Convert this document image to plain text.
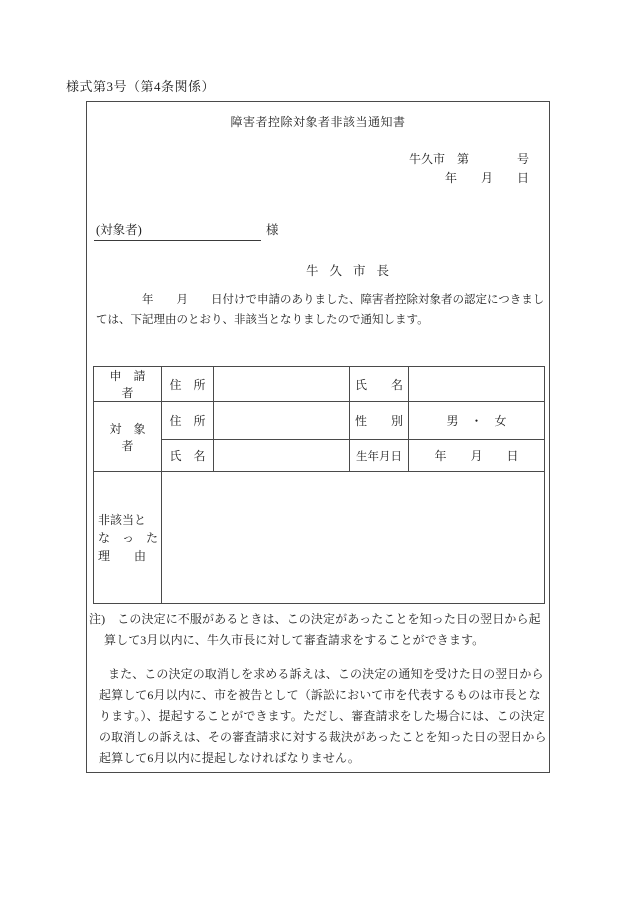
様式第3号（第4条関係）
障害者控除対象者非該当通知書
牛久市　第　　　　号
年　　月　　日
(対象者)	様
牛久市長
　　　　年　　月　　日付けで申請のありました、障害者控除対象者の認定につきましては、下記理由のとおり、非該当となりましたので通知します。
申　請　者	住　所		氏　　名	
対　象　者	住　所		性　　別	男　・　女
	氏　名		生年月日	年　　月　　日

非該当と
な　っ　た
理　　由				

注)　この決定に不服があるときは、この決定があったことを知った日の翌日から起算して3月以内に、牛久市長に対して審査請求をすることができます。

また、この決定の取消しを求める訴えは、この決定の通知を受けた日の翌日から起算して6月以内に、市を被告として（訴訟において市を代表するものは市長となります。）、提起することができます。ただし、審査請求をした場合には、この決定の取消しの訴えは、その審査請求に対する裁決があったことを知った日の翌日から起算して6月以内に提起しなければなりません。
